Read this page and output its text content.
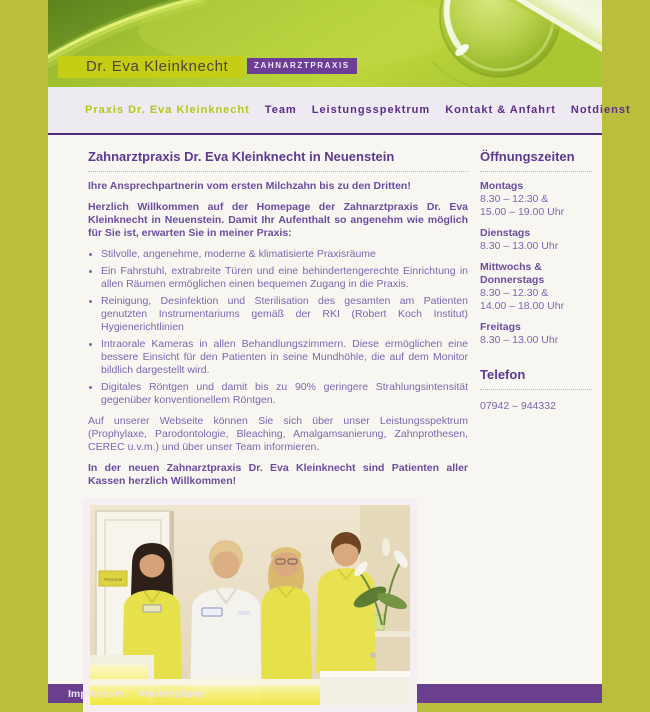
Dr. Eva Kleinknecht	ZAHNARZTPRAXIS
Praxis Dr. Eva Kleinknecht Team Leistungsspektrum Kontakt & Anfahrt Notdienst
Zahnarztpraxis Dr. Eva Kleinknecht in Neuenstein

Ihre Ansprechpartnerin vom ersten Milchzahn bis zu den Dritten!

Herzlich Willkommen auf der Homepage der Zahnarztpraxis Dr. Eva Kleinknecht in Neuenstein. Damit Ihr Aufenthalt so angenehm wie möglich für Sie ist, erwarten Sie in meiner Praxis:

• Stilvolle, angenehme, moderne & klimatisierte Praxisräume
• Ein Fahrstuhl, extrabreite Türen und eine behindertengerechte Einrichtung in allen Räumen ermöglichen einen bequemen Zugang in die Praxis.
• Reinigung, Desinfektion und Sterilisation des gesamten am Patienten genutzten Instrumentariums gemäß der RKI (Robert Koch Institut) Hygienerichtlinien
• Intraorale Kameras in allen Behandlungszimmern. Diese ermöglichen eine bessere Einsicht für den Patienten in seine Mundhöhle, die auf dem Monitor bildlich dargestellt wird.
• Digitales Röntgen und damit bis zu 90% geringere Strahlungsintensität gegenüber konventionellem Röntgen.

Auf unserer Webseite können Sie sich über unser Leistungsspektrum (Prophylaxe, Parodontologie, Bleaching, Amalgamsanierung, Zahnprothesen, CEREC u.v.m.) und über unser Team informieren.

In der neuen Zahnarztpraxis Dr. Eva Kleinknecht sind Patienten aller Kassen herzlich Willkommen!

Personal
Öffnungszeiten
Montags
8.30 – 12.30 &
15.00 – 19.00 Uhr
Dienstags
8.30 – 13.00 Uhr
Mittwochs & Donnerstags
8.30 – 12.30 &
14.00 – 18.00 Uhr
Freitags
8.30 – 13.00 Uhr
Telefon
07942 – 944332
Impressum Routenplaner
